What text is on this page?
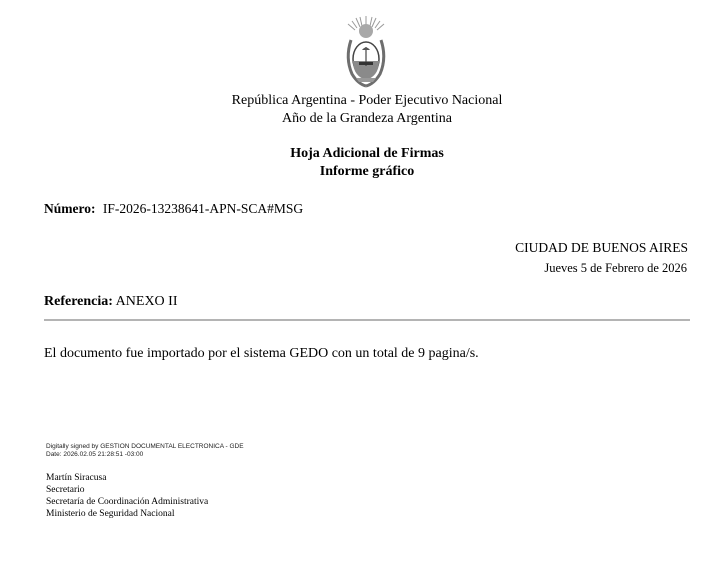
República Argentina - Poder Ejecutivo Nacional
Año de la Grandeza Argentina
Hoja Adicional de Firmas
Informe gráfico
Número: IF-2026-13238641-APN-SCA#MSG
CIUDAD DE BUENOS AIRES
Jueves 5 de Febrero de 2026
Referencia: ANEXO II
El documento fue importado por el sistema GEDO con un total de 9 pagina/s.
Digitally signed by GESTION DOCUMENTAL ELECTRONICA - GDE
Date: 2026.02.05 21:28:51 -03:00
Martín Siracusa
Secretario
Secretaría de Coordinación Administrativa
Ministerio de Seguridad Nacional
